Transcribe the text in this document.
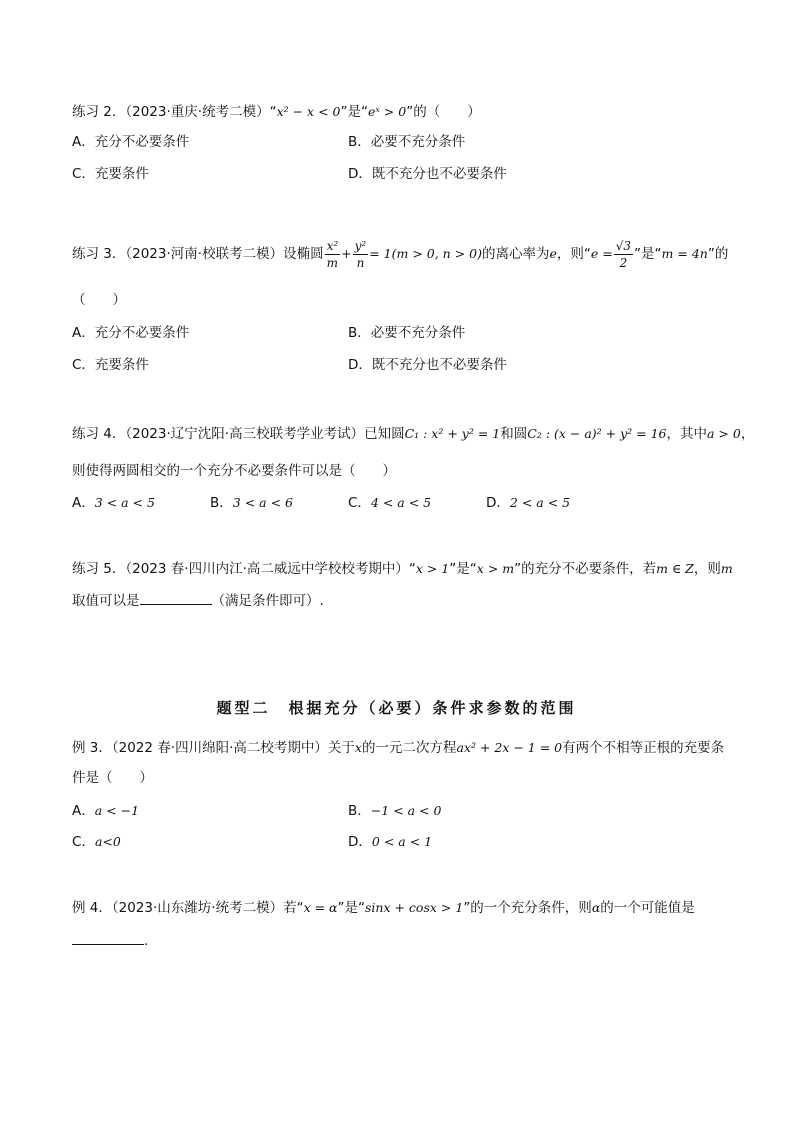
练习 2．（2023·重庆·统考二模）“x² − x < 0”是“eˣ > 0”的（　　）
A．充分不必要条件	B．必要不充分条件
C．充要条件	D．既不充分也不必要条件
练习 3．（2023·河南·校联考二模）设椭圆 $\frac{\text{x²}}{m} + \frac{\text{y²}}{n} = 1(m > 0$, n > 0)的离心率为e，则“$e = \frac{√3}{2}$ ”是“m = 4n”的
（　　）
A．充分不必要条件	B．必要不充分条件
C．充要条件	D．既不充分也不必要条件
练习 4．（2023·辽宁沈阳·高三校联考学业考试）已知圆C₁ : x² + y² = 1和圆C₂ : (x − a)² + y² = 16，其中a > 0，
则使得两圆相交的一个充分不必要条件可以是（　　）
A．3 < a < 5	B．3 < a < 6	C．4 < a < 5	D．2 < a < 5
练习 5．（2023 春·四川内江·高二威远中学校校考期中）“x > 1”是“x > m”的充分不必要条件，若m ∈ Z，则m
取值可以是	（满足条件即可）.
题型二　根据充分（必要）条件求参数的范围
例 3．（2022 春·四川绵阳·高二校考期中）关于x的一元二次方程ax² + 2x − 1 = 0有两个不相等正根的充要条
件是（　　）
A．a < −1	B．−1 < a < 0
C．a<0	D．0 < a < 1
例 4．（2023·山东潍坊·统考二模）若“x = α”是“sinx + cosx > 1”的一个充分条件，则α的一个可能值是
.
